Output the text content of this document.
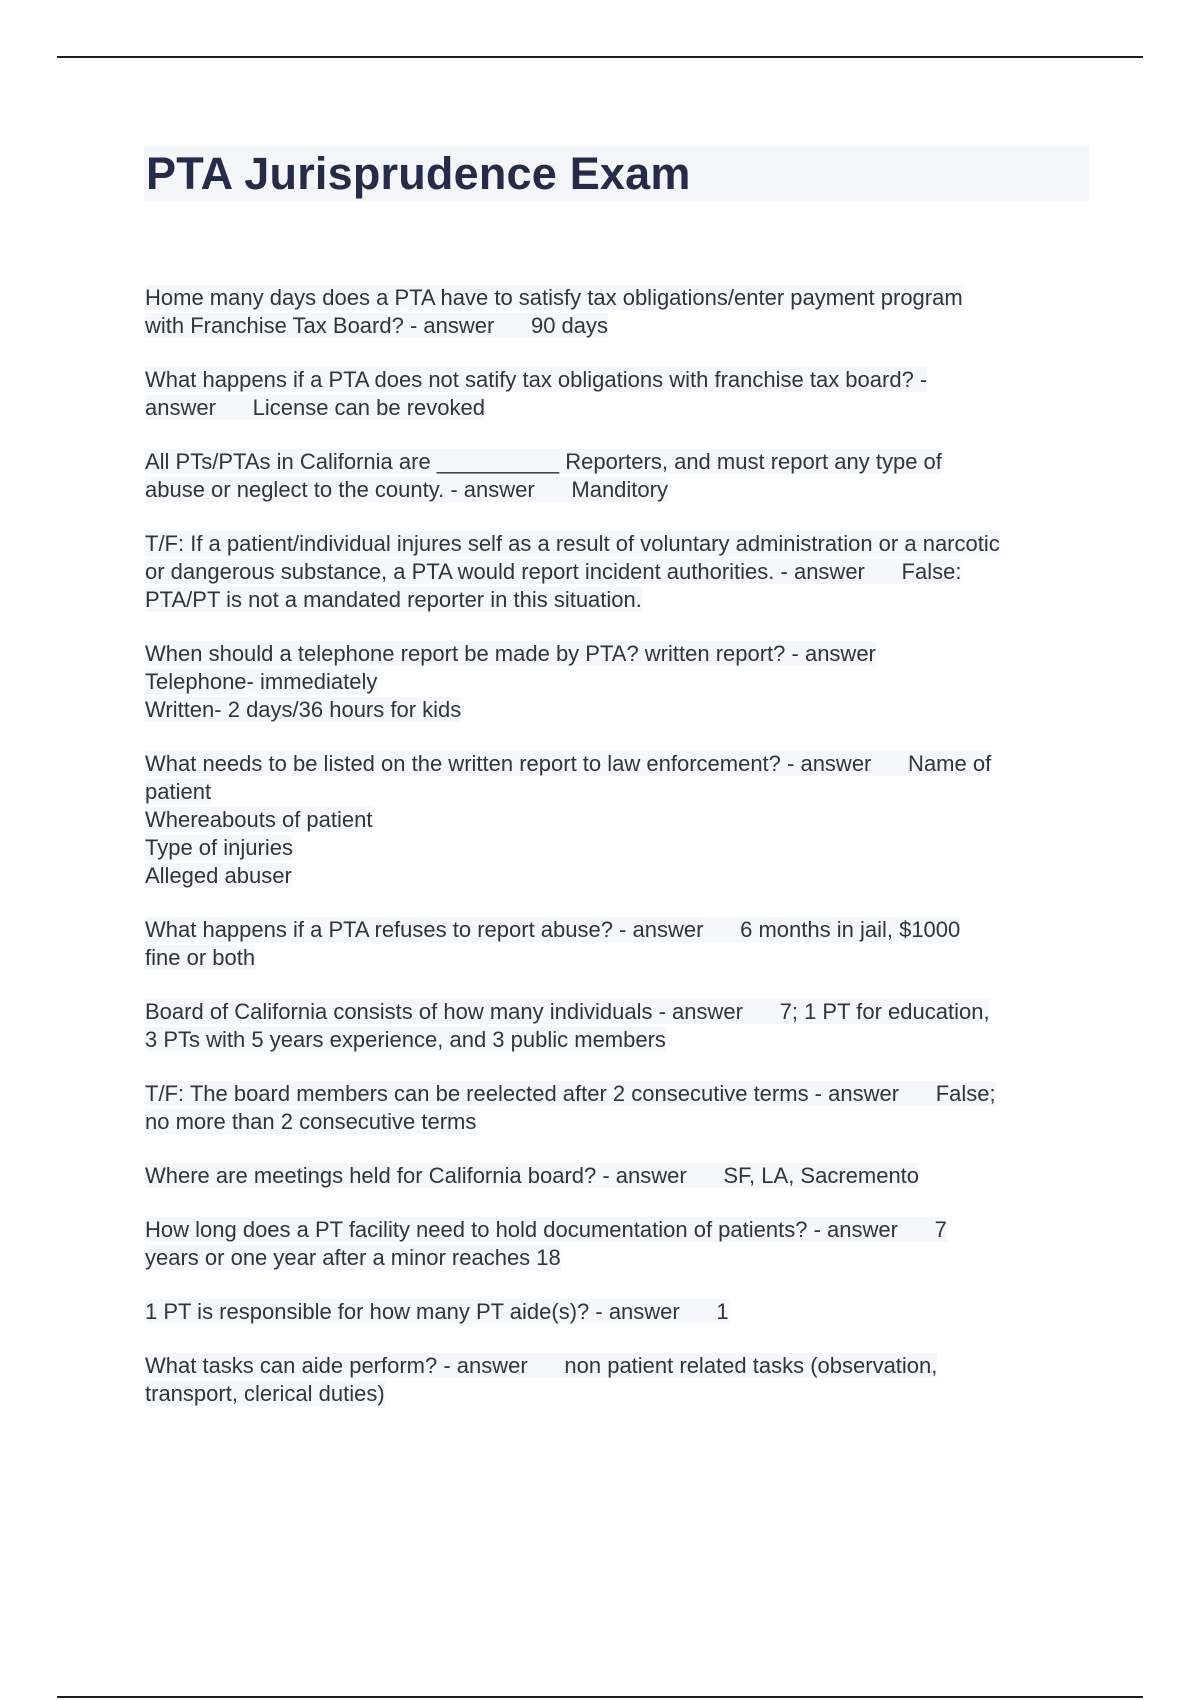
PTA Jurisprudence Exam

Home many days does a PTA have to satisfy tax obligations/enter payment program
with Franchise Tax Board? - answer      90 days

What happens if a PTA does not satify tax obligations with franchise tax board? -
answer      License can be revoked

All PTs/PTAs in California are __________ Reporters, and must report any type of
abuse or neglect to the county. - answer      Manditory

T/F: If a patient/individual injures self as a result of voluntary administration or a narcotic
or dangerous substance, a PTA would report incident authorities. - answer      False:
PTA/PT is not a mandated reporter in this situation.

When should a telephone report be made by PTA? written report? - answer
Telephone- immediately
Written- 2 days/36 hours for kids

What needs to be listed on the written report to law enforcement? - answer      Name of
patient
Whereabouts of patient
Type of injuries
Alleged abuser

What happens if a PTA refuses to report abuse? - answer      6 months in jail, $1000
fine or both

Board of California consists of how many individuals - answer      7; 1 PT for education,
3 PTs with 5 years experience, and 3 public members

T/F: The board members can be reelected after 2 consecutive terms - answer      False;
no more than 2 consecutive terms

Where are meetings held for California board? - answer      SF, LA, Sacremento

How long does a PT facility need to hold documentation of patients? - answer      7
years or one year after a minor reaches 18

1 PT is responsible for how many PT aide(s)? - answer      1

What tasks can aide perform? - answer      non patient related tasks (observation,
transport, clerical duties)
